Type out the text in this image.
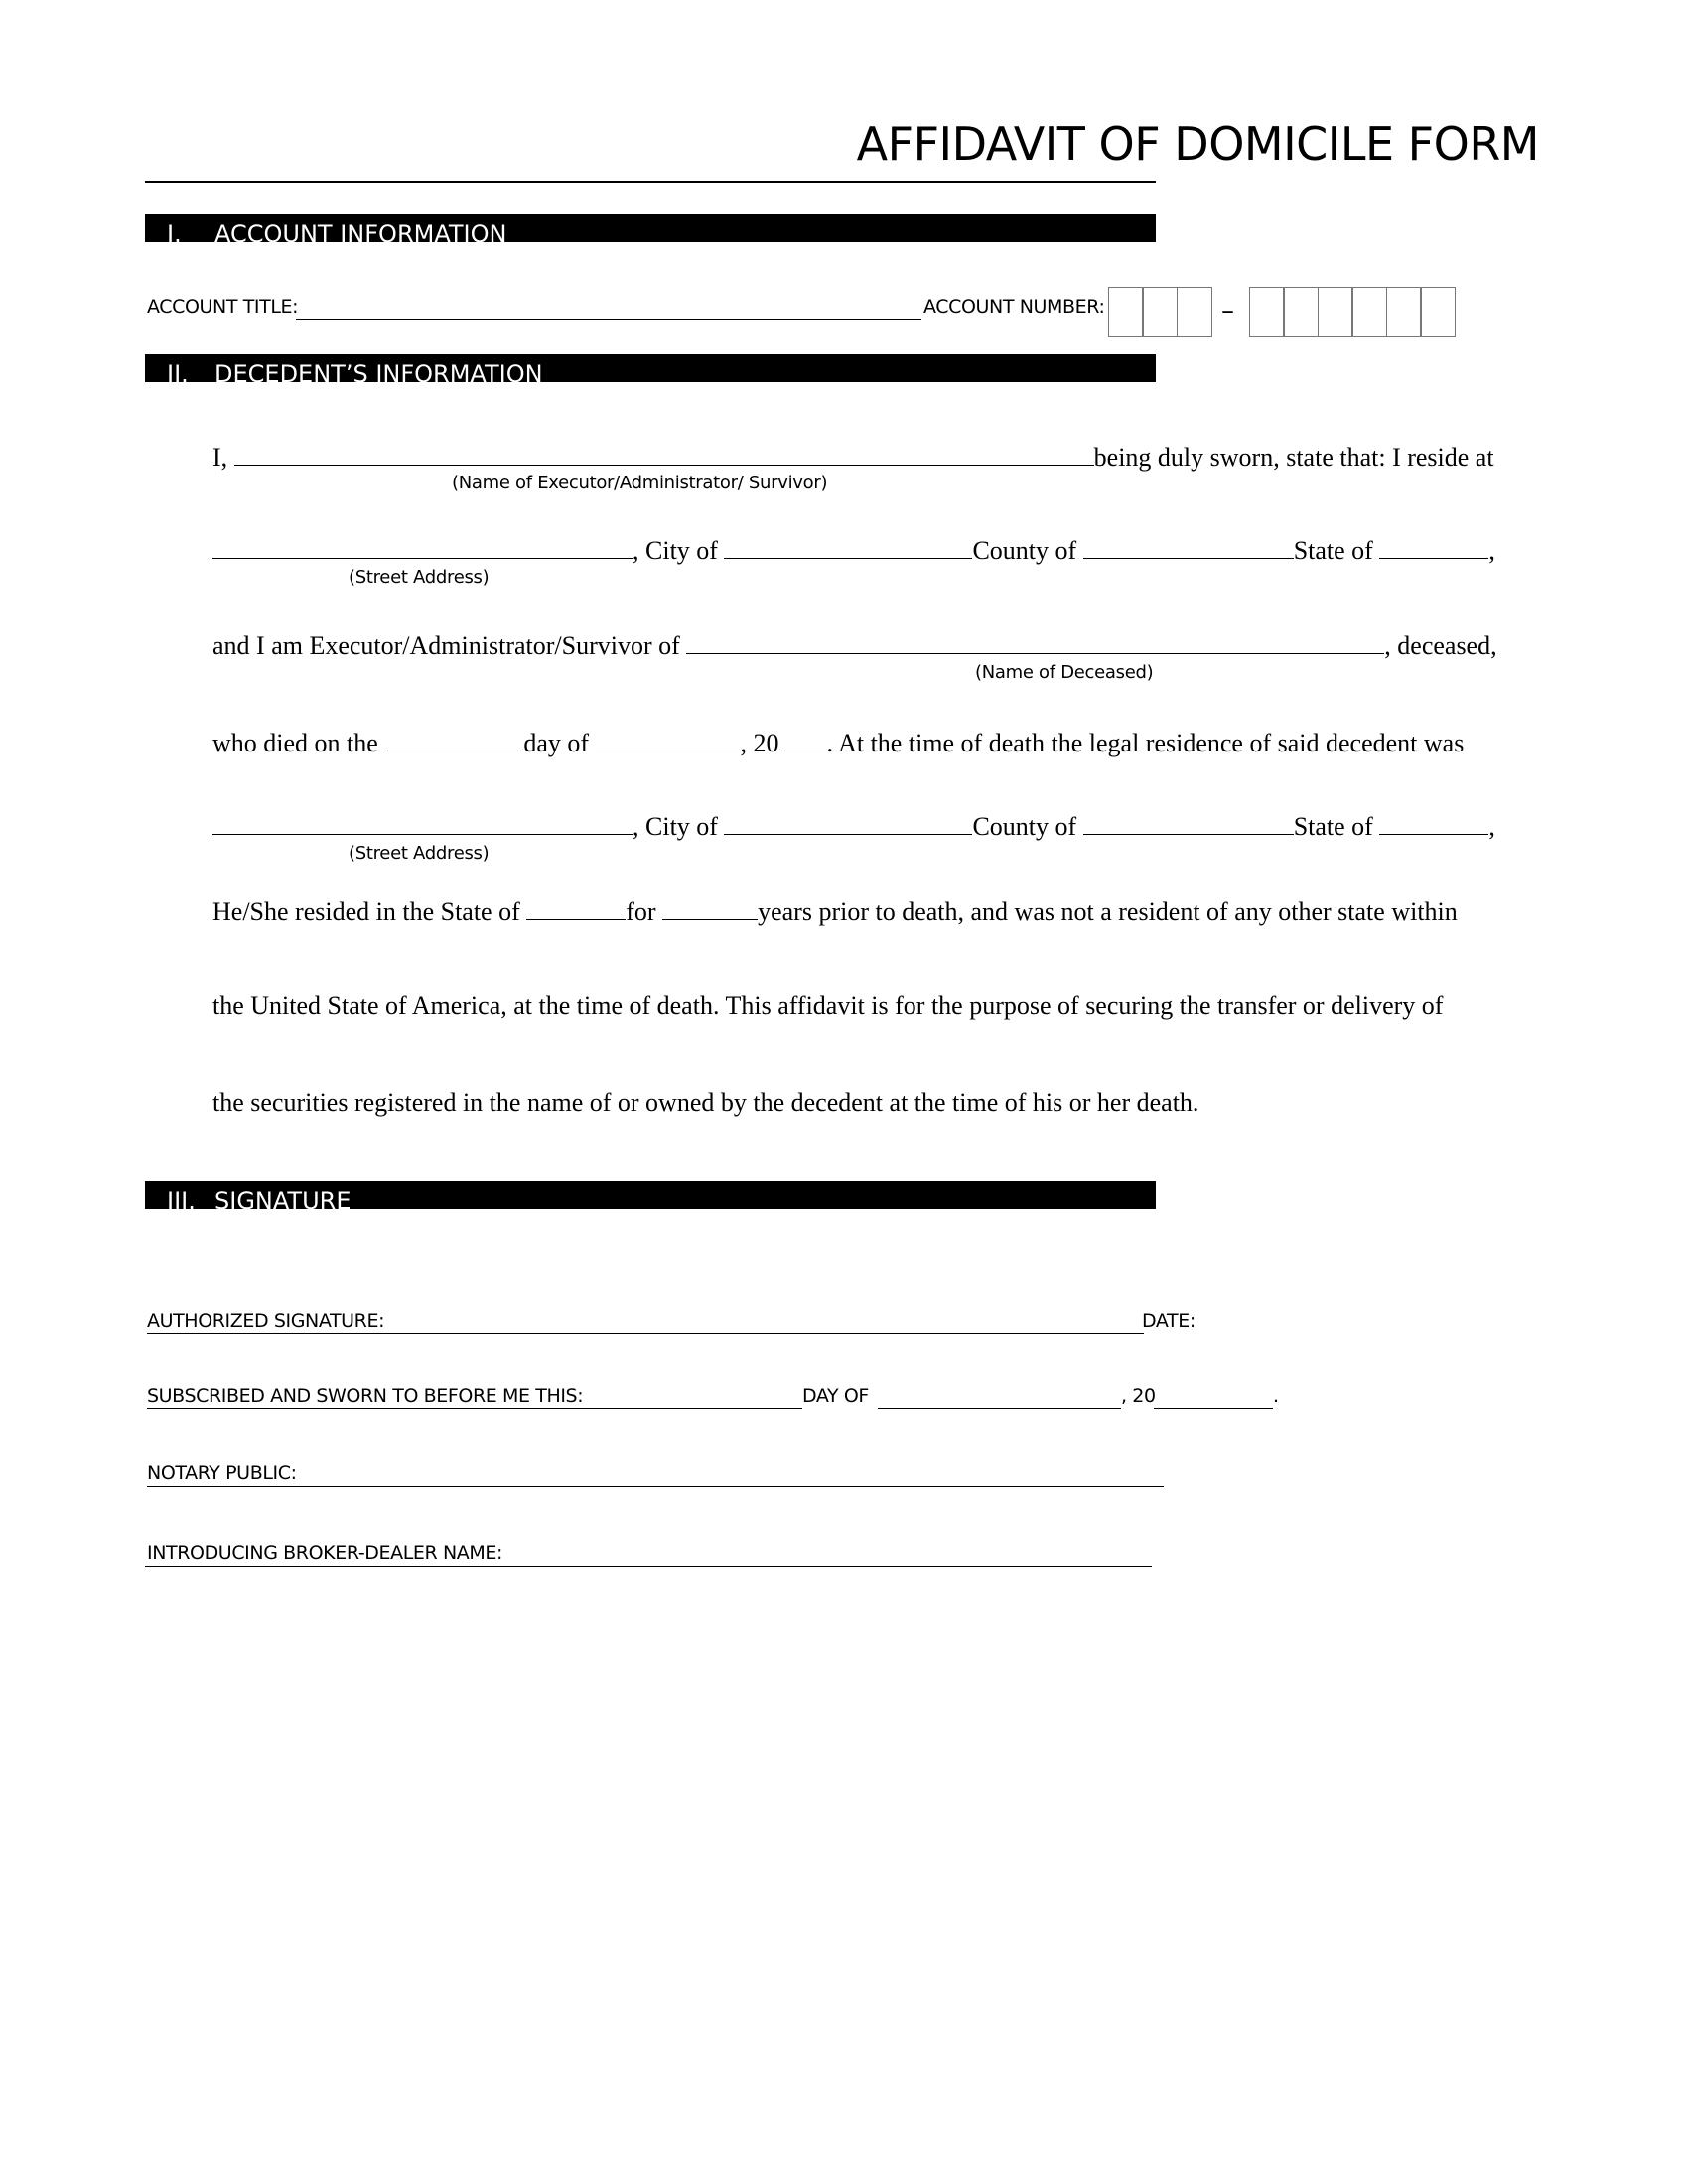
AFFIDAVIT OF DOMICILE FORM
I. ACCOUNT INFORMATION
ACCOUNT TITLE:	ACCOUNT NUMBER:	–
II. DECEDENT’S INFORMATION
I,	being duly sworn, state that: I reside at
(Name of Executor/Administrator/ Survivor)
, City of	County of	State of	,
(Street Address)
and I am Executor/Administrator/Survivor of	, deceased,
(Name of Deceased)
who died on the	day of	, 20 . At the time of death the legal residence of said decedent was
, City of	County of	State of	,
(Street Address)
He/She resided in the State of	for	years prior to death, and was not a resident of any other state within
the United State of America, at the time of death. This affidavit is for the purpose of securing the transfer or delivery of
the securities registered in the name of or owned by the decedent at the time of his or her death.
III. SIGNATURE
AUTHORIZED SIGNATURE:	DATE:
SUBSCRIBED AND SWORN TO BEFORE ME THIS:	DAY OF	, 20	.
NOTARY PUBLIC:
INTRODUCING BROKER-DEALER NAME:
